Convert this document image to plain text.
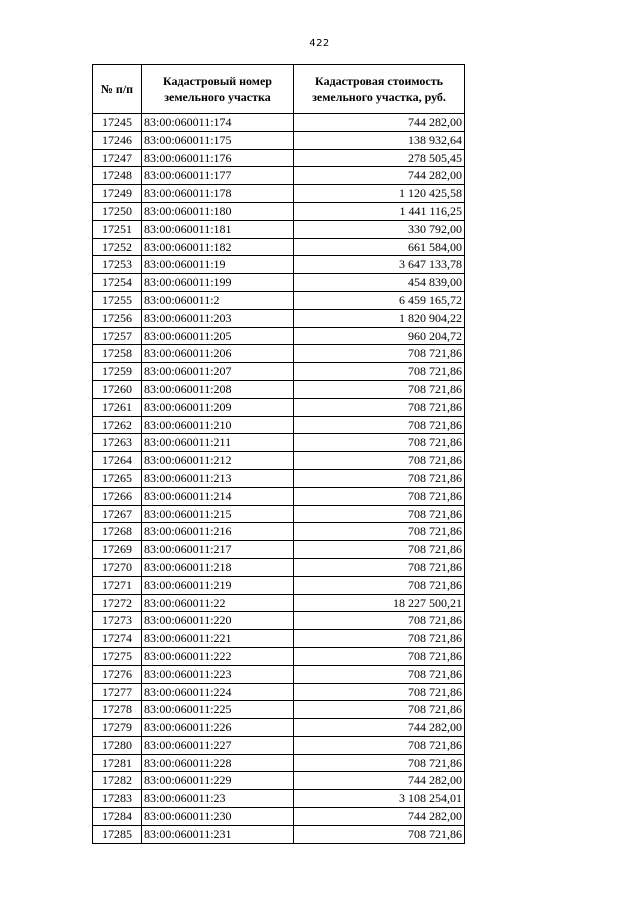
422
№ п/п	Кадастровый номер земельного участка	Кадастровая стоимость земельного участка, руб.
17245	83:00:060011:174	744 282,00
17246	83:00:060011:175	138 932,64
17247	83:00:060011:176	278 505,45
17248	83:00:060011:177	744 282,00
17249	83:00:060011:178	1 120 425,58
17250	83:00:060011:180	1 441 116,25
17251	83:00:060011:181	330 792,00
17252	83:00:060011:182	661 584,00
17253	83:00:060011:19	3 647 133,78
17254	83:00:060011:199	454 839,00
17255	83:00:060011:2	6 459 165,72
17256	83:00:060011:203	1 820 904,22
17257	83:00:060011:205	960 204,72
17258	83:00:060011:206	708 721,86
17259	83:00:060011:207	708 721,86
17260	83:00:060011:208	708 721,86
17261	83:00:060011:209	708 721,86
17262	83:00:060011:210	708 721,86
17263	83:00:060011:211	708 721,86
17264	83:00:060011:212	708 721,86
17265	83:00:060011:213	708 721,86
17266	83:00:060011:214	708 721,86
17267	83:00:060011:215	708 721,86
17268	83:00:060011:216	708 721,86
17269	83:00:060011:217	708 721,86
17270	83:00:060011:218	708 721,86
17271	83:00:060011:219	708 721,86
17272	83:00:060011:22	18 227 500,21
17273	83:00:060011:220	708 721,86
17274	83:00:060011:221	708 721,86
17275	83:00:060011:222	708 721,86
17276	83:00:060011:223	708 721,86
17277	83:00:060011:224	708 721,86
17278	83:00:060011:225	708 721,86
17279	83:00:060011:226	744 282,00
17280	83:00:060011:227	708 721,86
17281	83:00:060011:228	708 721,86
17282	83:00:060011:229	744 282,00
17283	83:00:060011:23	3 108 254,01
17284	83:00:060011:230	744 282,00
17285	83:00:060011:231	708 721,86
